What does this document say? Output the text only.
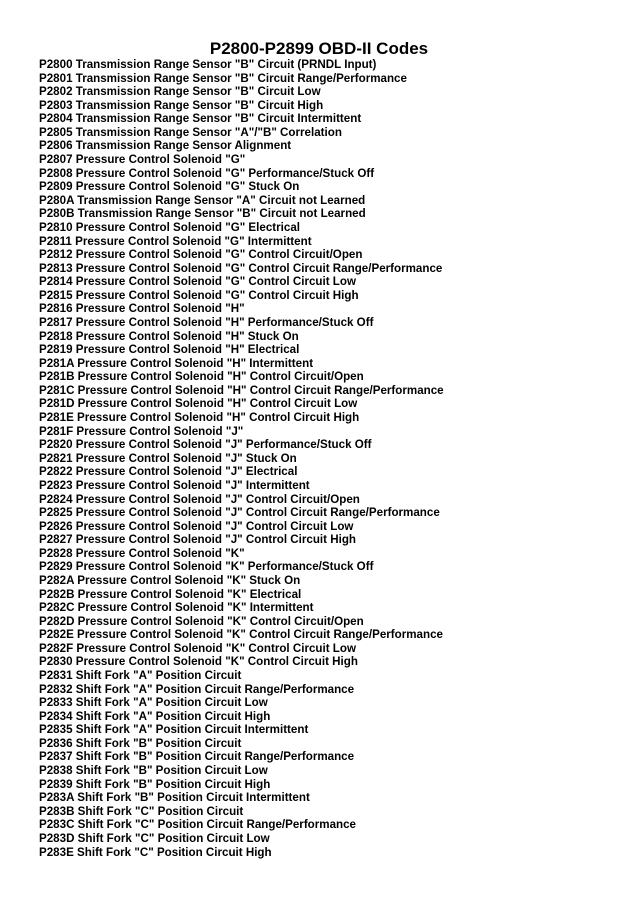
P2800-P2899 OBD-II Codes
P2800 Transmission Range Sensor "B" Circuit (PRNDL Input)
P2801 Transmission Range Sensor "B" Circuit Range/Performance
P2802 Transmission Range Sensor "B" Circuit Low
P2803 Transmission Range Sensor "B" Circuit High
P2804 Transmission Range Sensor "B" Circuit Intermittent
P2805 Transmission Range Sensor "A"/"B" Correlation
P2806 Transmission Range Sensor Alignment
P2807 Pressure Control Solenoid "G"
P2808 Pressure Control Solenoid "G" Performance/Stuck Off
P2809 Pressure Control Solenoid "G" Stuck On
P280A Transmission Range Sensor "A" Circuit not Learned
P280B Transmission Range Sensor "B" Circuit not Learned
P2810 Pressure Control Solenoid "G" Electrical
P2811 Pressure Control Solenoid "G" Intermittent
P2812 Pressure Control Solenoid "G" Control Circuit/Open
P2813 Pressure Control Solenoid "G" Control Circuit Range/Performance
P2814 Pressure Control Solenoid "G" Control Circuit Low
P2815 Pressure Control Solenoid "G" Control Circuit High
P2816 Pressure Control Solenoid "H"
P2817 Pressure Control Solenoid "H" Performance/Stuck Off
P2818 Pressure Control Solenoid "H" Stuck On
P2819 Pressure Control Solenoid "H" Electrical
P281A Pressure Control Solenoid "H" Intermittent
P281B Pressure Control Solenoid "H" Control Circuit/Open
P281C Pressure Control Solenoid "H" Control Circuit Range/Performance
P281D Pressure Control Solenoid "H" Control Circuit Low
P281E Pressure Control Solenoid "H" Control Circuit High
P281F Pressure Control Solenoid "J"
P2820 Pressure Control Solenoid "J" Performance/Stuck Off
P2821 Pressure Control Solenoid "J" Stuck On
P2822 Pressure Control Solenoid "J" Electrical
P2823 Pressure Control Solenoid "J" Intermittent
P2824 Pressure Control Solenoid "J" Control Circuit/Open
P2825 Pressure Control Solenoid "J" Control Circuit Range/Performance
P2826 Pressure Control Solenoid "J" Control Circuit Low
P2827 Pressure Control Solenoid "J" Control Circuit High
P2828 Pressure Control Solenoid "K"
P2829 Pressure Control Solenoid "K" Performance/Stuck Off
P282A Pressure Control Solenoid "K" Stuck On
P282B Pressure Control Solenoid "K" Electrical
P282C Pressure Control Solenoid "K" Intermittent
P282D Pressure Control Solenoid "K" Control Circuit/Open
P282E Pressure Control Solenoid "K" Control Circuit Range/Performance
P282F Pressure Control Solenoid "K" Control Circuit Low
P2830 Pressure Control Solenoid "K" Control Circuit High
P2831 Shift Fork "A" Position Circuit
P2832 Shift Fork "A" Position Circuit Range/Performance
P2833 Shift Fork "A" Position Circuit Low
P2834 Shift Fork "A" Position Circuit High
P2835 Shift Fork "A" Position Circuit Intermittent
P2836 Shift Fork "B" Position Circuit
P2837 Shift Fork "B" Position Circuit Range/Performance
P2838 Shift Fork "B" Position Circuit Low
P2839 Shift Fork "B" Position Circuit High
P283A Shift Fork "B" Position Circuit Intermittent
P283B Shift Fork "C" Position Circuit
P283C Shift Fork "C" Position Circuit Range/Performance
P283D Shift Fork "C" Position Circuit Low
P283E Shift Fork "C" Position Circuit High
